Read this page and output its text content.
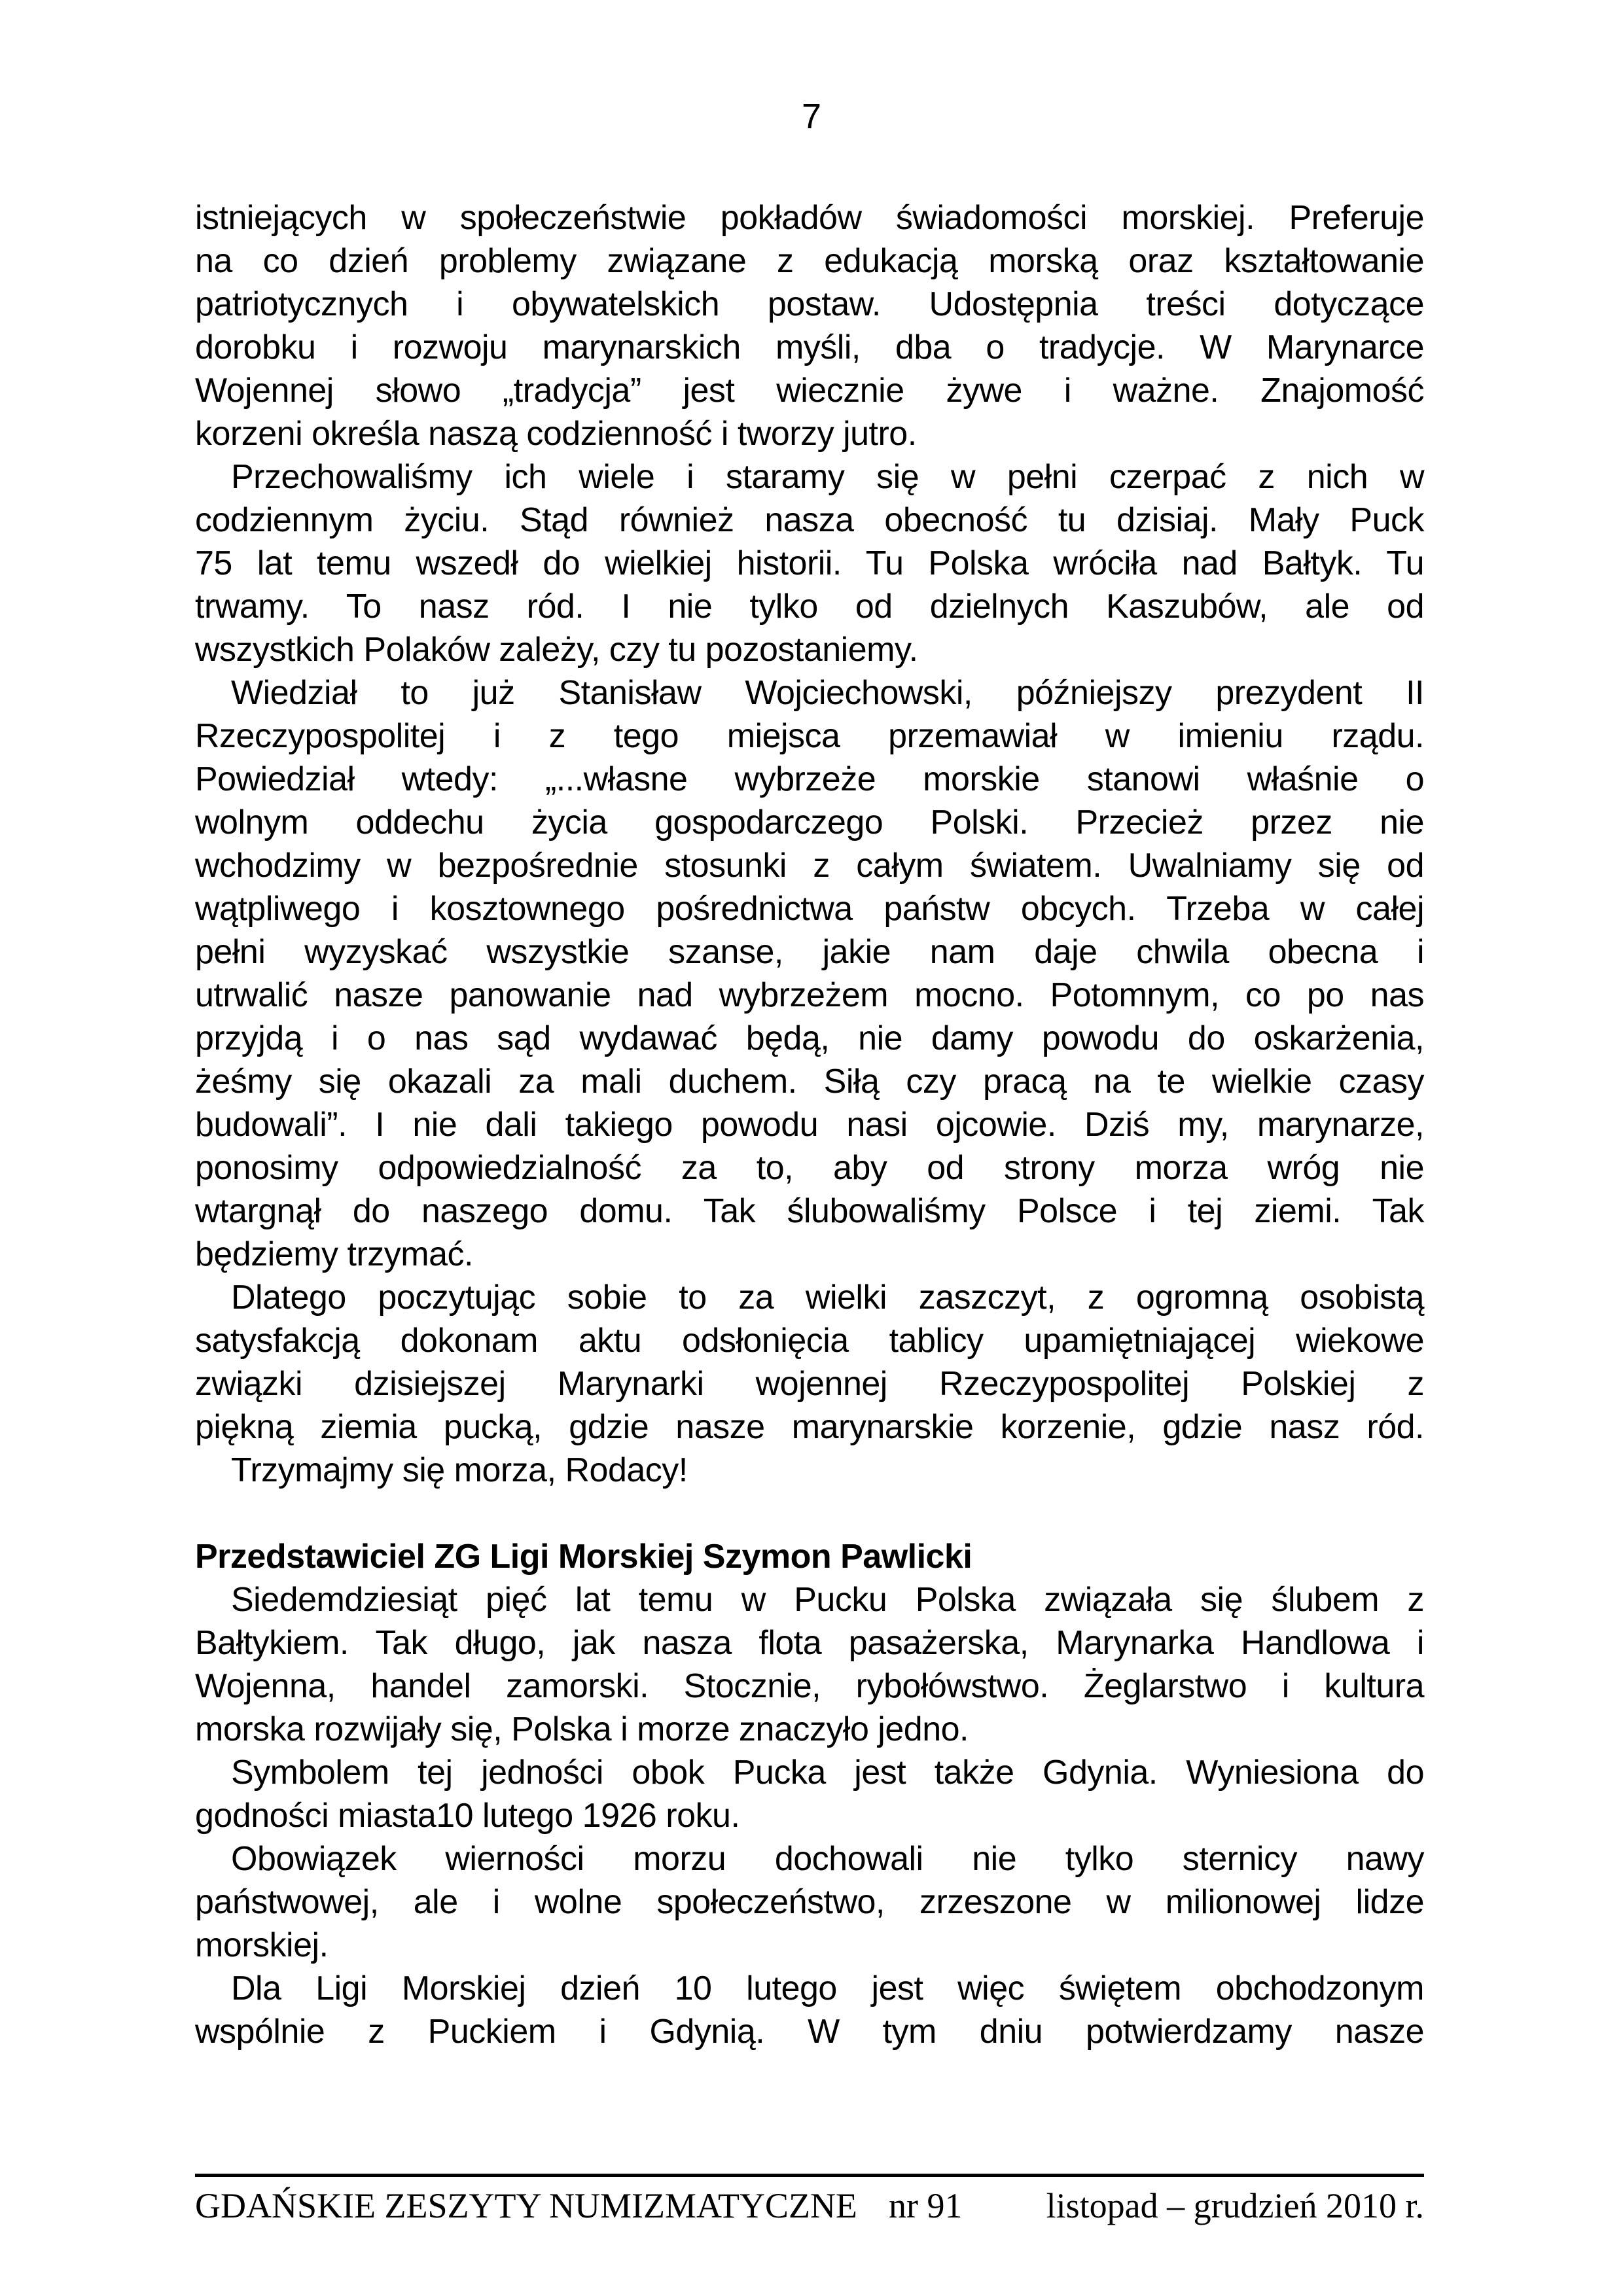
7
istniejących w społeczeństwie pokładów świadomości morskiej. Preferuje
na co dzień problemy związane z edukacją morską oraz kształtowanie
patriotycznych i obywatelskich postaw. Udostępnia treści dotyczące
dorobku i rozwoju marynarskich myśli, dba o tradycje. W Marynarce
Wojennej słowo „tradycja” jest wiecznie żywe i ważne. Znajomość
korzeni określa naszą codzienność i tworzy jutro.
Przechowaliśmy ich wiele i staramy się w pełni czerpać z nich w
codziennym życiu. Stąd również nasza obecność tu dzisiaj. Mały Puck
75 lat temu wszedł do wielkiej historii. Tu Polska wróciła nad Bałtyk. Tu
trwamy. To nasz ród. I nie tylko od dzielnych Kaszubów, ale od
wszystkich Polaków zależy, czy tu pozostaniemy.
Wiedział to już Stanisław Wojciechowski, późniejszy prezydent II
Rzeczypospolitej i z tego miejsca przemawiał w imieniu rządu.
Powiedział wtedy: „...własne wybrzeże morskie stanowi właśnie o
wolnym oddechu życia gospodarczego Polski. Przecież przez nie
wchodzimy w bezpośrednie stosunki z całym światem. Uwalniamy się od
wątpliwego i kosztownego pośrednictwa państw obcych. Trzeba w całej
pełni wyzyskać wszystkie szanse, jakie nam daje chwila obecna i
utrwalić nasze panowanie nad wybrzeżem mocno. Potomnym, co po nas
przyjdą i o nas sąd wydawać będą, nie damy powodu do oskarżenia,
żeśmy się okazali za mali duchem. Siłą czy pracą na te wielkie czasy
budowali”. I nie dali takiego powodu nasi ojcowie. Dziś my, marynarze,
ponosimy odpowiedzialność za to, aby od strony morza wróg nie
wtargnął do naszego domu. Tak ślubowaliśmy Polsce i tej ziemi. Tak
będziemy trzymać.
Dlatego poczytując sobie to za wielki zaszczyt, z ogromną osobistą
satysfakcją dokonam aktu odsłonięcia tablicy upamiętniającej wiekowe
związki dzisiejszej Marynarki wojennej Rzeczypospolitej Polskiej z
piękną ziemia pucką, gdzie nasze marynarskie korzenie, gdzie nasz ród.
Trzymajmy się morza, Rodacy!
Przedstawiciel ZG Ligi Morskiej Szymon Pawlicki
Siedemdziesiąt pięć lat temu w Pucku Polska związała się ślubem z
Bałtykiem. Tak długo, jak nasza flota pasażerska, Marynarka Handlowa i
Wojenna, handel zamorski. Stocznie, rybołówstwo. Żeglarstwo i kultura
morska rozwijały się, Polska i morze znaczyło jedno.
Symbolem tej jedności obok Pucka jest także Gdynia. Wyniesiona do
godności miasta10 lutego 1926 roku.
Obowiązek wierności morzu dochowali nie tylko sternicy nawy
państwowej, ale i wolne społeczeństwo, zrzeszone w milionowej lidze
morskiej.
Dla Ligi Morskiej dzień 10 lutego jest więc świętem obchodzonym
wspólnie z Puckiem i Gdynią. W tym dniu potwierdzamy nasze
GDAŃSKIE ZESZYTY NUMIZMATYCZNE nr 91 listopad – grudzień 2010 r.
